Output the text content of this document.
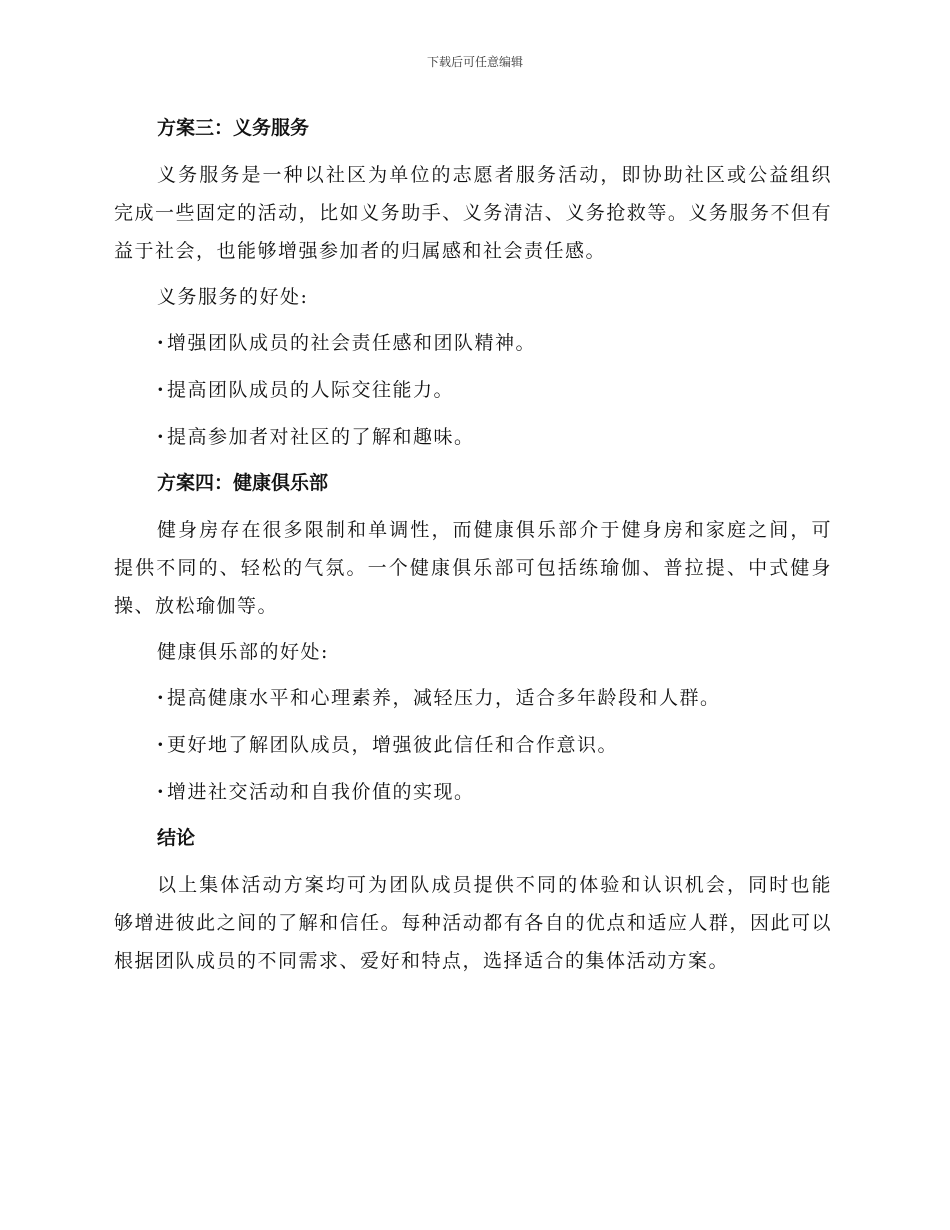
下载后可任意编辑
方案三：义务服务

义务服务是一种以社区为单位的志愿者服务活动，即协助社区或公益组织完成一些固定的活动，比如义务助手、义务清洁、义务抢救等。义务服务不但有益于社会，也能够增强参加者的归属感和社会责任感。

义务服务的好处:

·增强团队成员的社会责任感和团队精神。

·提高团队成员的人际交往能力。

·提高参加者对社区的了解和趣味。

方案四：健康俱乐部

健身房存在很多限制和单调性，而健康俱乐部介于健身房和家庭之间，可提供不同的、轻松的气氛。一个健康俱乐部可包括练瑜伽、普拉提、中式健身操、放松瑜伽等。

健康俱乐部的好处:

·提高健康水平和心理素养，减轻压力，适合多年龄段和人群。

·更好地了解团队成员，增强彼此信任和合作意识。

·增进社交活动和自我价值的实现。

结论

以上集体活动方案均可为团队成员提供不同的体验和认识机会，同时也能够增进彼此之间的了解和信任。每种活动都有各自的优点和适应人群，因此可以根据团队成员的不同需求、爱好和特点，选择适合的集体活动方案。
